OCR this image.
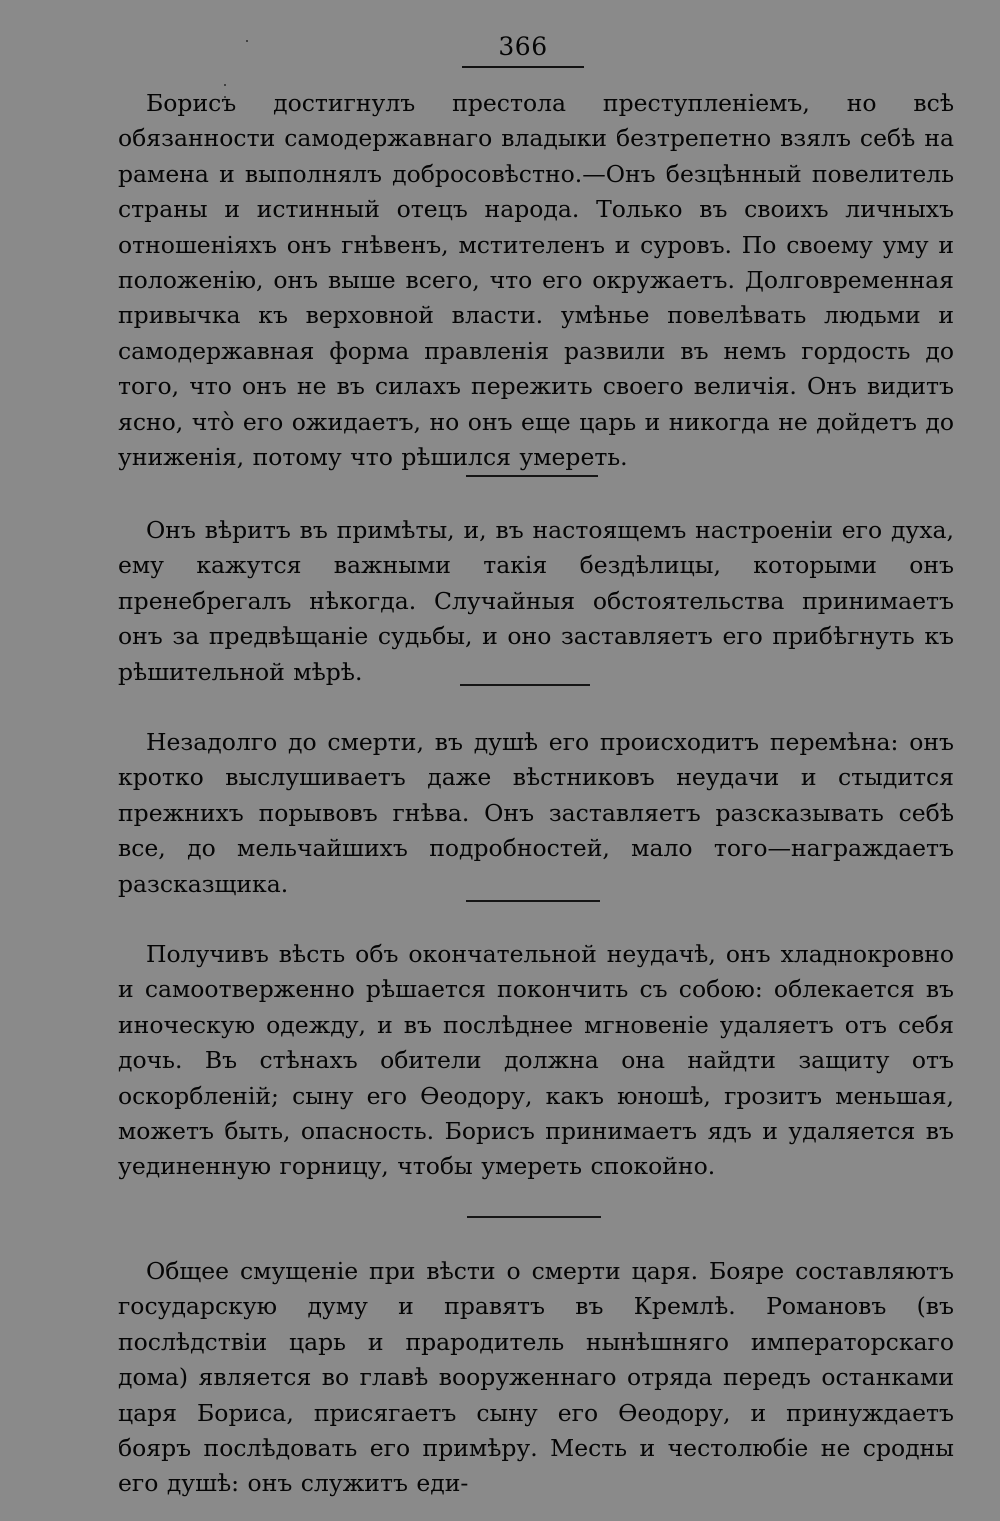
366
Борисъ достигнулъ престола преступленіемъ, но всѣ обязанности самодержавнаго владыки безтрепетно взялъ себѣ на рамена и выполнялъ добросовѣстно.—Онъ безцѣнный повелитель страны и истинный отецъ народа. Только въ своихъ личныхъ отношеніяхъ онъ гнѣвенъ, мстителенъ и суровъ. По своему уму и положенію, онъ выше всего, что его окружаетъ. Долговременная привычка къ верховной власти. умѣнье повелѣвать людьми и самодержавная форма правленія развили въ немъ гордость до того, что онъ не въ силахъ пережить своего величія. Онъ видитъ ясно, что̀ его ожидаетъ, но онъ еще царь и никогда не дойдетъ до униженія, потому что рѣшился умереть.
Онъ вѣритъ въ примѣты, и, въ настоящемъ настроеніи его духа, ему кажутся важными такія бездѣлицы, которыми онъ пренебрегалъ нѣкогда. Случайныя обстоятельства принимаетъ онъ за предвѣщаніе судьбы, и оно заставляетъ его прибѣгнуть къ рѣшительной мѣрѣ.
Незадолго до смерти, въ душѣ его происходитъ перемѣна: онъ кротко выслушиваетъ даже вѣстниковъ неудачи и стыдится прежнихъ порывовъ гнѣва. Онъ заставляетъ разсказывать себѣ все, до мельчайшихъ подробностей, мало того—награждаетъ разсказщика.
Получивъ вѣсть объ окончательной неудачѣ, онъ хладнокровно и самоотверженно рѣшается покончить съ собою: облекается въ иноческую одежду, и въ послѣднее мгновеніе удаляетъ отъ себя дочь. Въ стѣнахъ обители должна она найдти защиту отъ оскорбленій; сыну его Ѳеодору, какъ юношѣ, грозитъ меньшая, можетъ быть, опасность. Борисъ принимаетъ ядъ и удаляется въ уединенную горницу, чтобы умереть спокойно.
Общее смущеніе при вѣсти о смерти царя. Бояре составляютъ государскую думу и правятъ въ Кремлѣ. Романовъ (въ послѣдствіи царь и прародитель нынѣшняго императорскаго дома) является во главѣ вооруженнаго отряда передъ останками царя Бориса, присягаетъ сыну его Ѳеодору, и принуждаетъ бояръ послѣдовать его примѣру. Месть и честолюбіе не сродны его душѣ: онъ служитъ еди-
